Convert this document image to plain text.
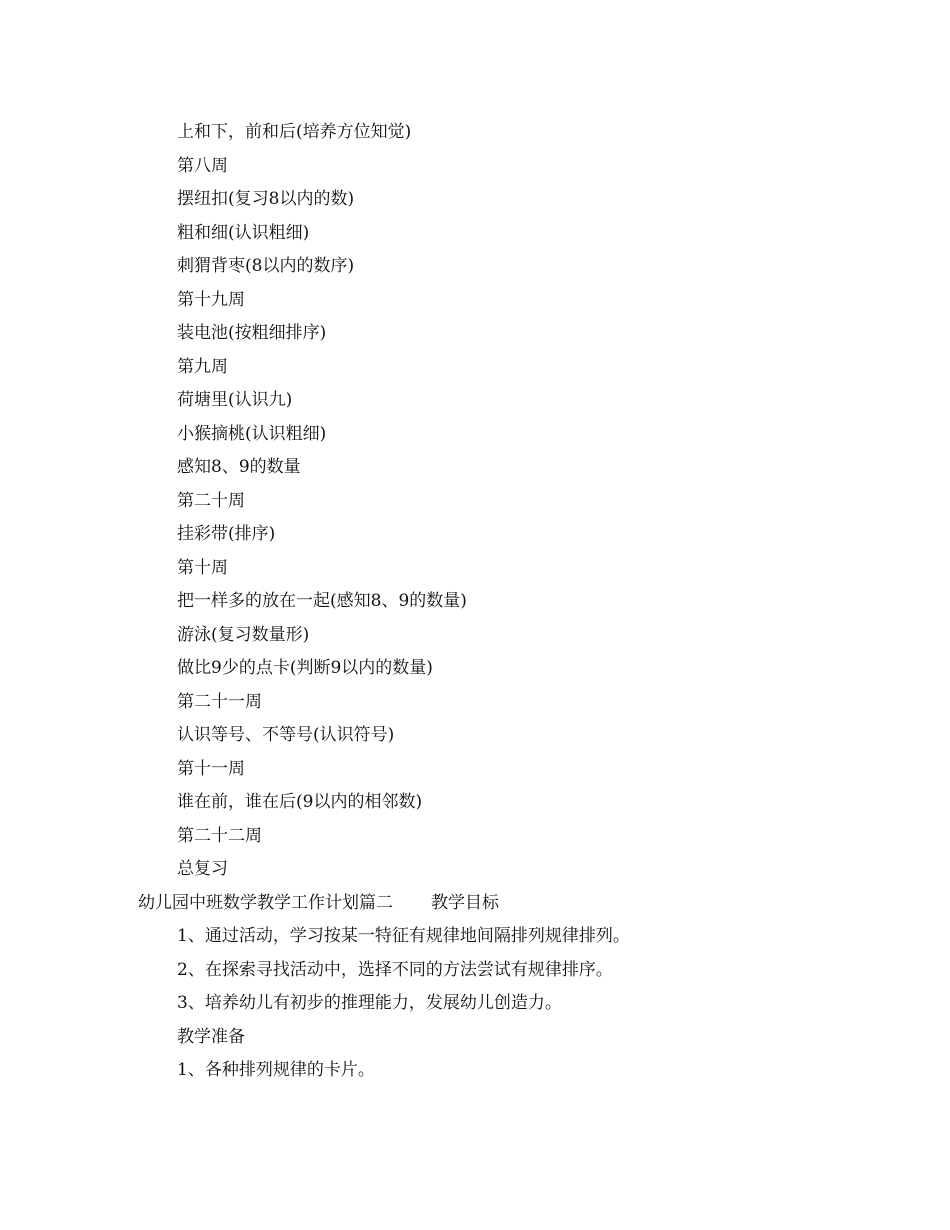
上和下，前和后(培养方位知觉)
第八周
摆纽扣(复习8以内的数)
粗和细(认识粗细)
刺猬背枣(8以内的数序)
第十九周
装电池(按粗细排序)
第九周
荷塘里(认识九)
小猴摘桃(认识粗细)
感知8、9的数量
第二十周
挂彩带(排序)
第十周
把一样多的放在一起(感知8、9的数量)
游泳(复习数量形)
做比9少的点卡(判断9以内的数量)
第二十一周
认识等号、不等号(认识符号)
第十一周
谁在前，谁在后(9以内的相邻数)
第二十二周
总复习
幼儿园中班数学教学工作计划篇二 教学目标
1、通过活动，学习按某一特征有规律地间隔排列规律排列。
2、在探索寻找活动中，选择不同的方法尝试有规律排序。
3、培养幼儿有初步的推理能力，发展幼儿创造力。
教学准备
1、各种排列规律的卡片。
